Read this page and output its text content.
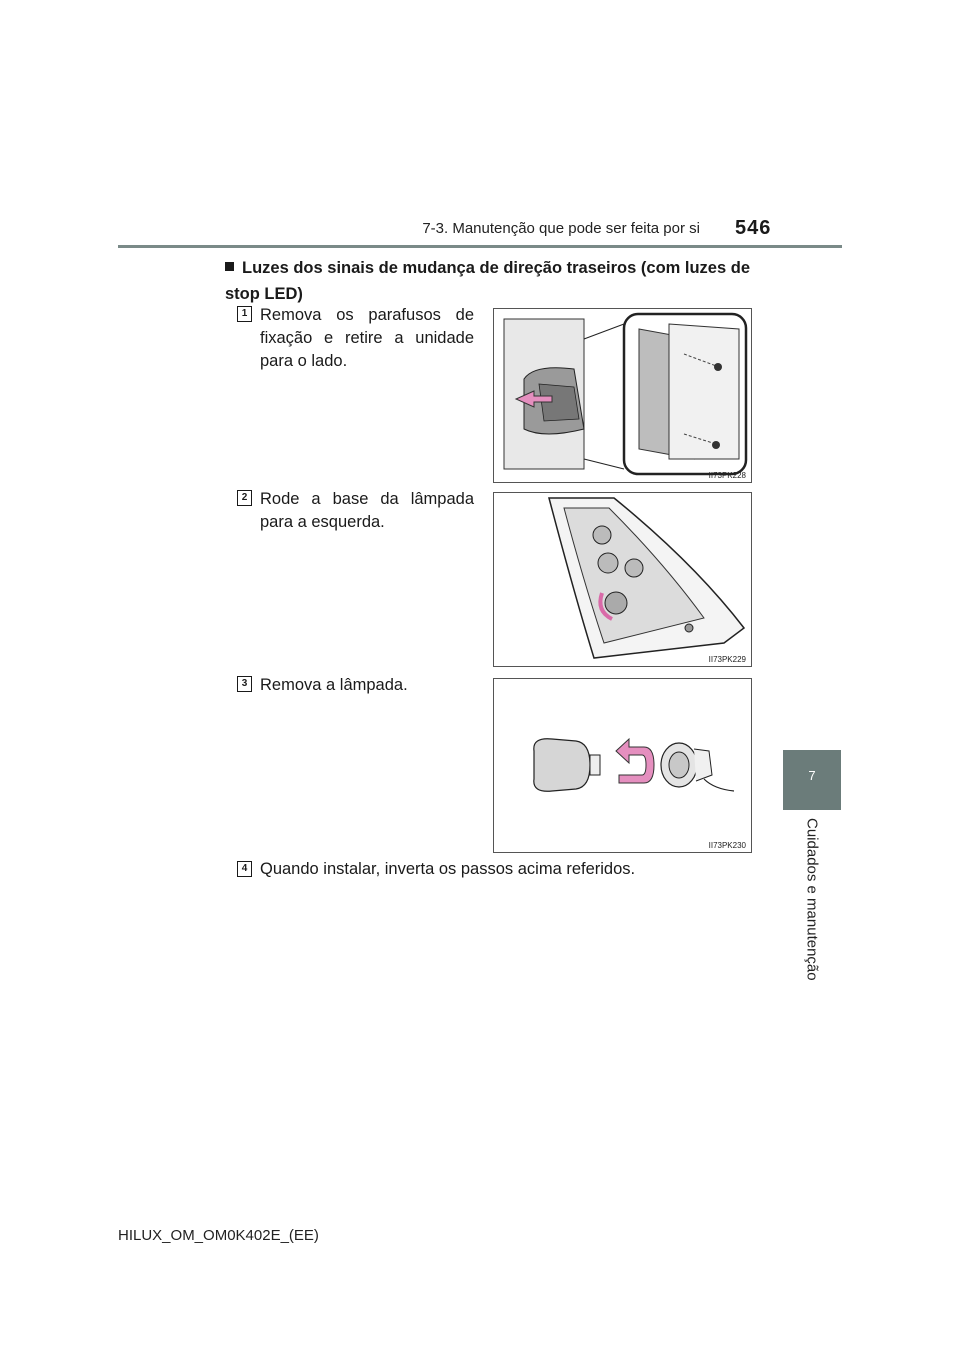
7-3. Manutenção que pode ser feita por si 546
7
Cuidados e manutenção
Luzes dos sinais de mudança de direção traseiros (com luzes de stop LED)
1 Remova os parafusos de fixação e retire a unidade para o lado.
II73PK228
2 Rode a base da lâmpada para a esquerda.
II73PK229
3 Remova a lâmpada.
II73PK230
4 Quando instalar, inverta os passos acima referidos.
HILUX_OM_OM0K402E_(EE)
